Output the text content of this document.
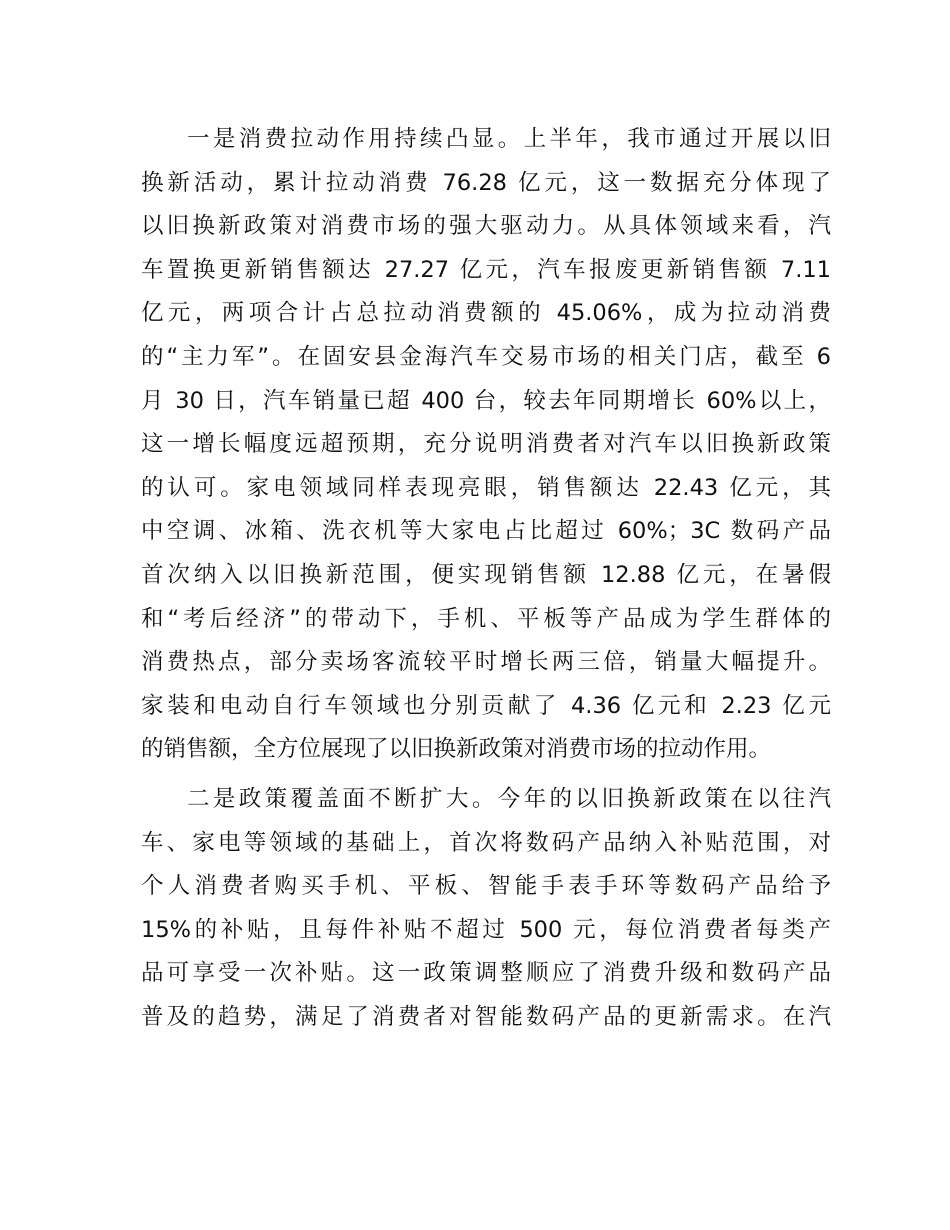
一是消费拉动作用持续凸显。上半年，我市通过开展以旧
换新活动，累计拉动消费 76.28 亿元，这一数据充分体现了
以旧换新政策对消费市场的强大驱动力。从具体领域来看，汽
车置换更新销售额达 27.27 亿元，汽车报废更新销售额 7.11
亿元，两项合计占总拉动消费额的 45.06%，成为拉动消费
的“主力军”。在固安县金海汽车交易市场的相关门店，截至 6
月 30 日，汽车销量已超 400 台，较去年同期增长 60%以上，
这一增长幅度远超预期，充分说明消费者对汽车以旧换新政策
的认可。家电领域同样表现亮眼，销售额达 22.43 亿元，其
中空调、冰箱、洗衣机等大家电占比超过 60%；3C 数码产品
首次纳入以旧换新范围，便实现销售额 12.88 亿元，在暑假
和“考后经济”的带动下，手机、平板等产品成为学生群体的
消费热点，部分卖场客流较平时增长两三倍，销量大幅提升。
家装和电动自行车领域也分别贡献了 4.36 亿元和 2.23 亿元
的销售额，全方位展现了以旧换新政策对消费市场的拉动作用。
二是政策覆盖面不断扩大。今年的以旧换新政策在以往汽
车、家电等领域的基础上，首次将数码产品纳入补贴范围，对
个人消费者购买手机、平板、智能手表手环等数码产品给予
15%的补贴，且每件补贴不超过 500 元，每位消费者每类产
品可享受一次补贴。这一政策调整顺应了消费升级和数码产品
普及的趋势，满足了消费者对智能数码产品的更新需求。在汽
